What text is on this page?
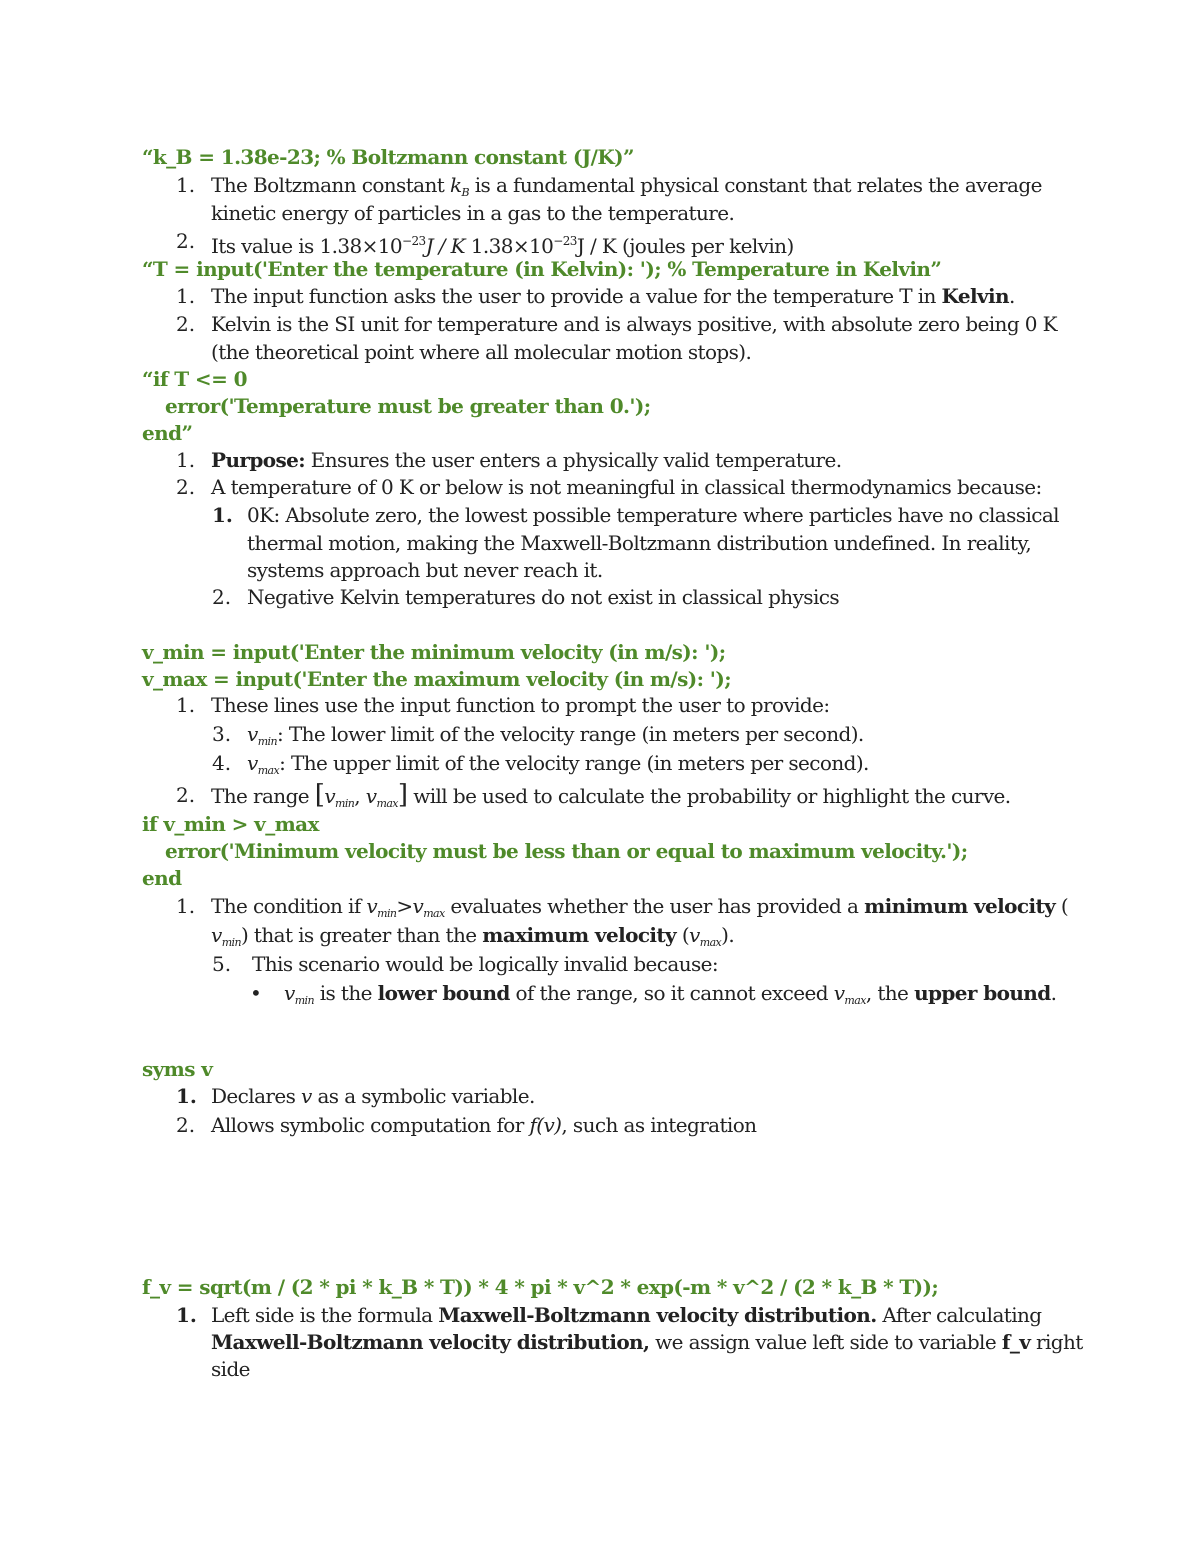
“k_B = 1.38e-23; % Boltzmann constant (J/K)”
1. The Boltzmann constant $k_B$ is a fundamental physical constant that relates the average
kinetic energy of particles in a gas to the temperature.
2. Its value is $1.38\times 10^{-23}J / K$ $1.38\times 10^{-23}J / K$ (joules per kelvin)
“T = input('Enter the temperature (in Kelvin): '); % Temperature in Kelvin”
1. The input function asks the user to provide a value for the temperature T in Kelvin.
2. Kelvin is the SI unit for temperature and is always positive, with absolute zero being 0 K
(the theoretical point where all molecular motion stops).
“if T <= 0
error('Temperature must be greater than 0.');
end”
1. Purpose: Ensures the user enters a physically valid temperature.
2. A temperature of 0 K or below is not meaningful in classical thermodynamics because:
1. 0K: Absolute zero, the lowest possible temperature where particles have no classical
thermal motion, making the Maxwell-Boltzmann distribution undefined. In reality,
systems approach but never reach it.
2. Negative Kelvin temperatures do not exist in classical physics
v_min = input('Enter the minimum velocity (in m/s): ');
v_max = input('Enter the maximum velocity (in m/s): ');
1. These lines use the input function to prompt the user to provide:
3. $v_{min}$: The lower limit of the velocity range (in meters per second).
4. $v_{max}$: The upper limit of the velocity range (in meters per second).
2. The range [$v_{min}$, $v_{max}$] will be used to calculate the probability or highlight the curve.
if v_min > v_max
error('Minimum velocity must be less than or equal to maximum velocity.');
end
1. The condition if $v_{min}>v_{max}$ evaluates whether the user has provided a minimum velocity (
$v_{min}$) that is greater than the maximum velocity $(v_{max})$.
5. This scenario would be logically invalid because:
• $v_{min}$ is the lower bound of the range, so it cannot exceed $v_{max}$, the upper bound.
syms v
1. Declares v as a symbolic variable.
2. Allows symbolic computation for f(v), such as integration
f_v = sqrt(m / (2 * pi * k_B * T)) * 4 * pi * v^2 * exp(-m * v^2 / (2 * k_B * T));
1. Left side is the formula Maxwell-Boltzmann velocity distribution. After calculating
Maxwell-Boltzmann velocity distribution, we assign value left side to variable f_v right
side
